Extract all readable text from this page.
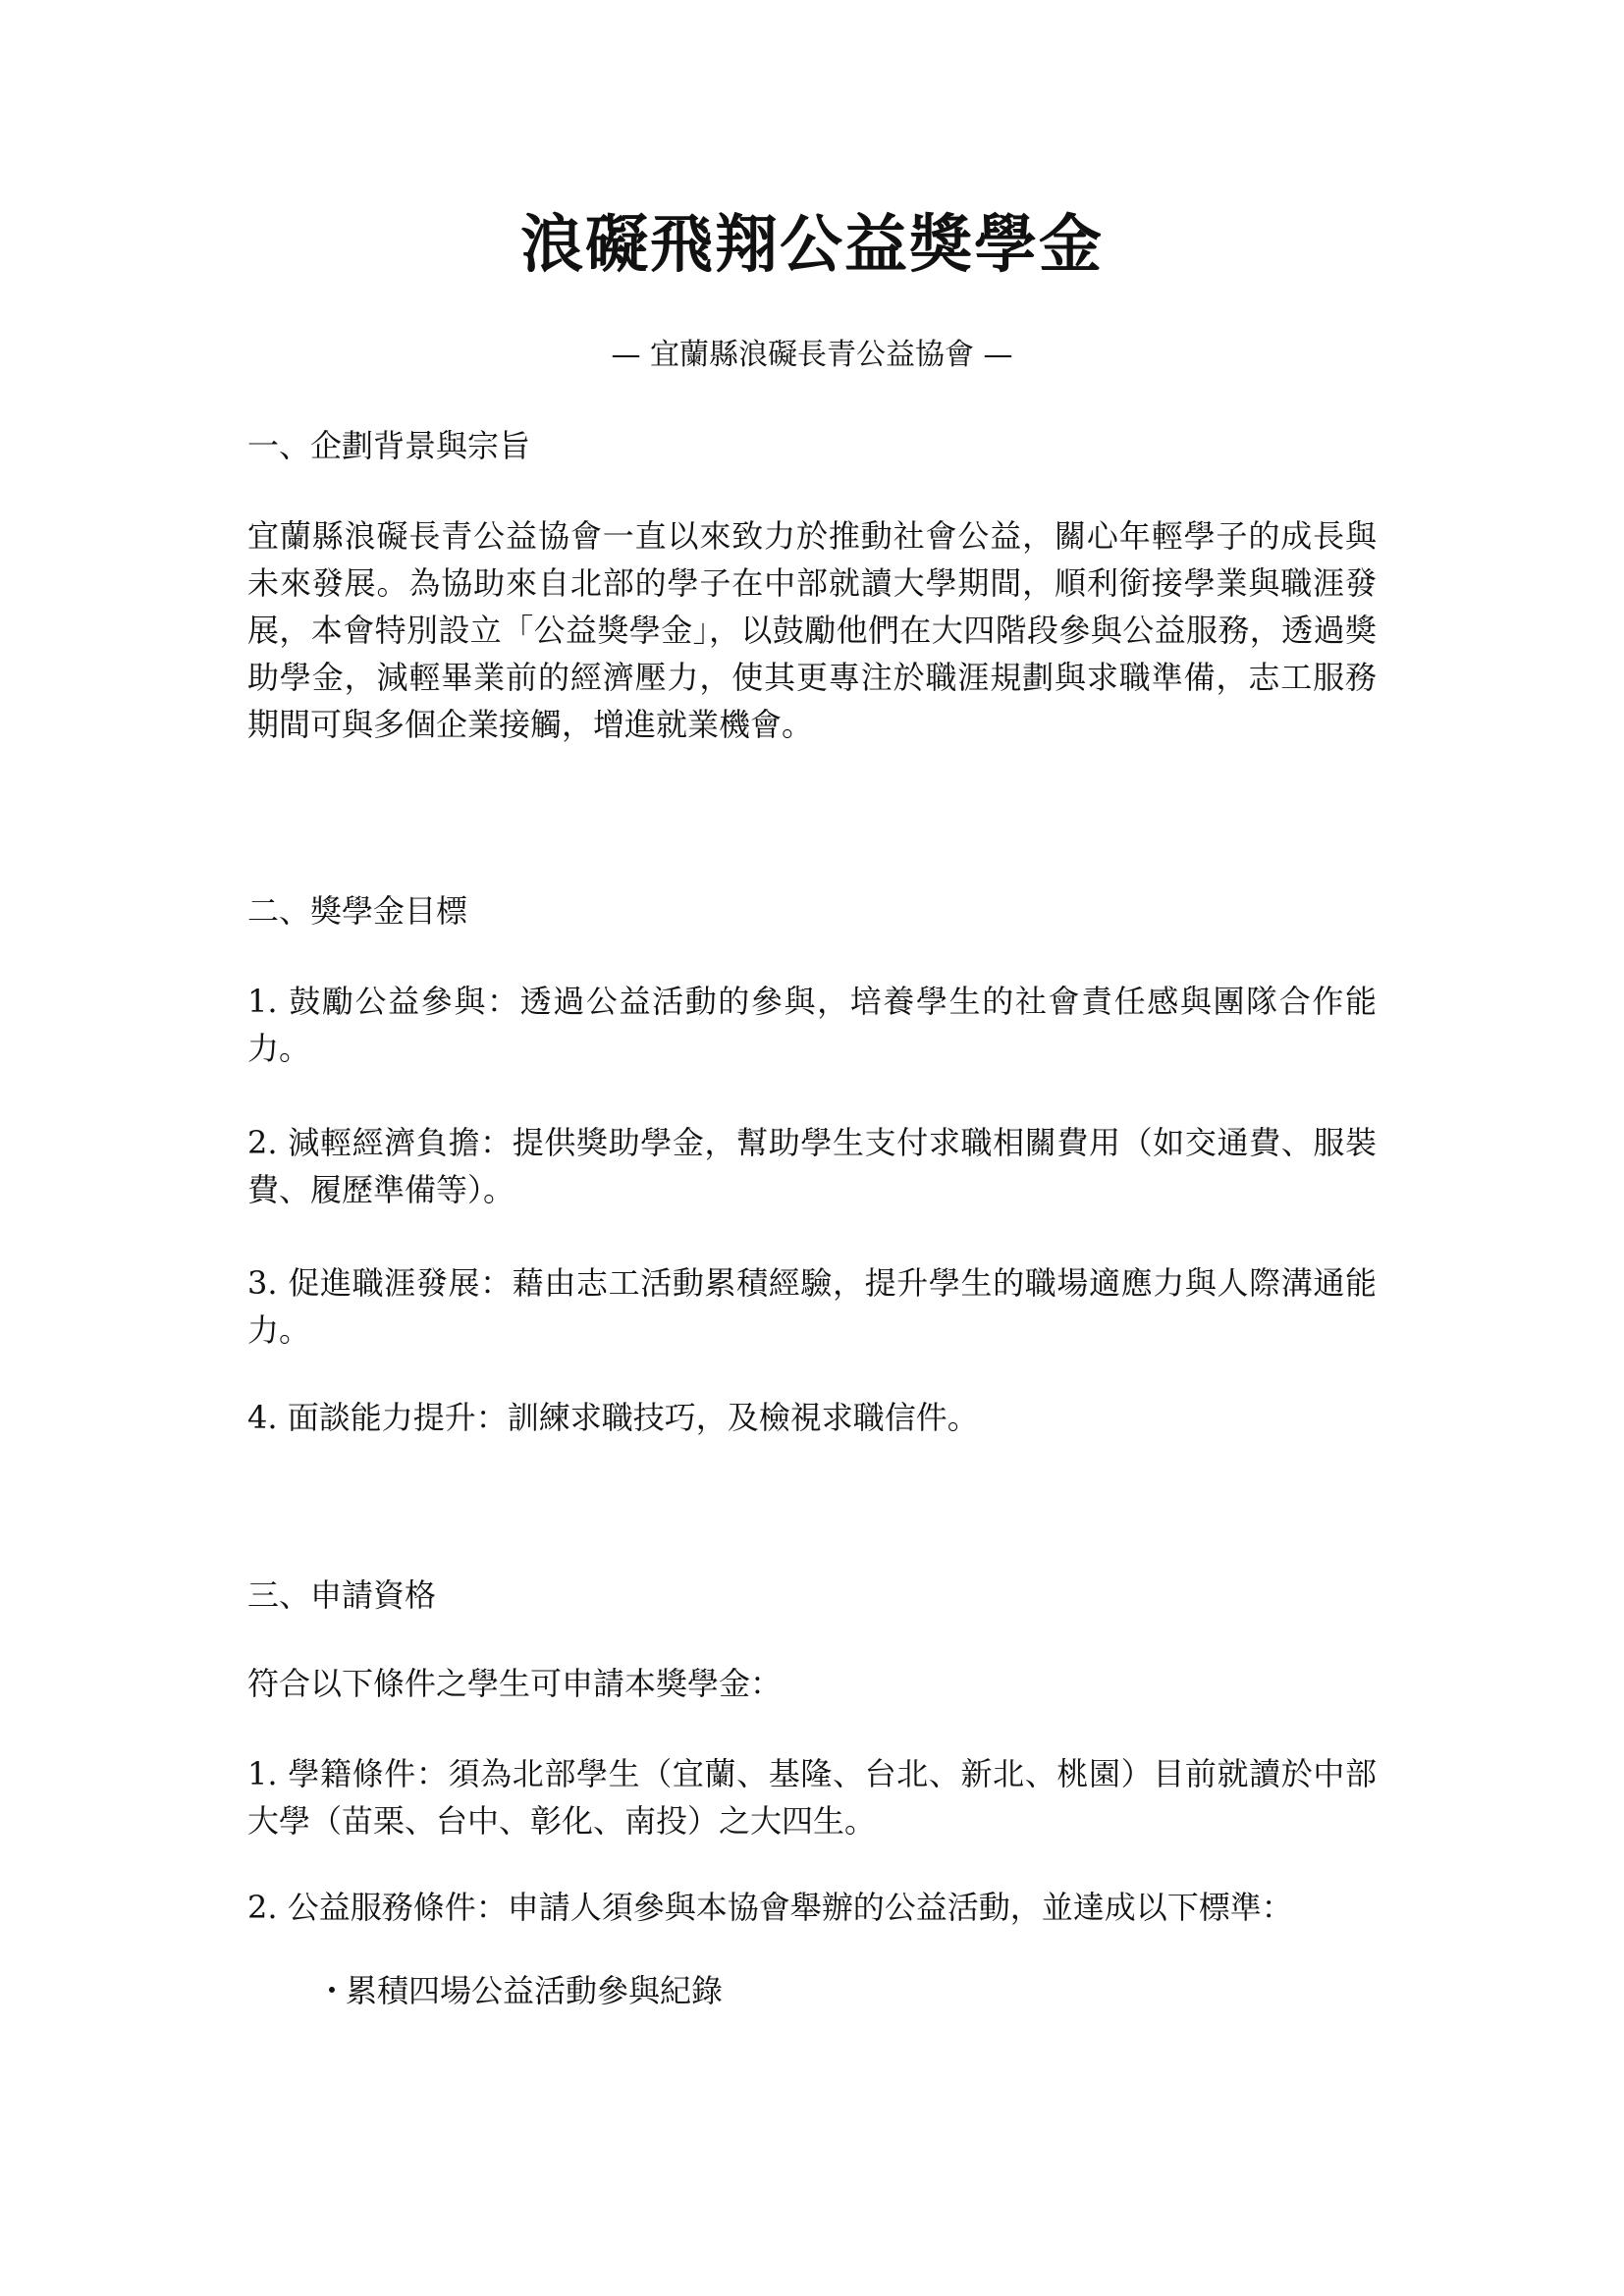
浪礙飛翔公益獎學金

— 宜蘭縣浪礙長青公益協會 —

一、企劃背景與宗旨

宜蘭縣浪礙長青公益協會一直以來致力於推動社會公益，關心年輕學子的成長與未來發展。為協助來自北部的學子在中部就讀大學期間，順利銜接學業與職涯發展，本會特別設立「公益獎學金」，以鼓勵他們在大四階段參與公益服務，透過獎助學金，減輕畢業前的經濟壓力，使其更專注於職涯規劃與求職準備，志工服務期間可與多個企業接觸，增進就業機會。

二、獎學金目標

1. 鼓勵公益參與：透過公益活動的參與，培養學生的社會責任感與團隊合作能力。

2. 減輕經濟負擔：提供獎助學金，幫助學生支付求職相關費用（如交通費、服裝費、履歷準備等）。

3. 促進職涯發展：藉由志工活動累積經驗，提升學生的職場適應力與人際溝通能力。

4. 面談能力提升：訓練求職技巧，及檢視求職信件。

三、申請資格

符合以下條件之學生可申請本獎學金：

1. 學籍條件：須為北部學生（宜蘭、基隆、台北、新北、桃園）目前就讀於中部大學（苗栗、台中、彰化、南投）之大四生。

2. 公益服務條件：申請人須參與本協會舉辦的公益活動，並達成以下標準：

・累積四場公益活動參與紀錄
